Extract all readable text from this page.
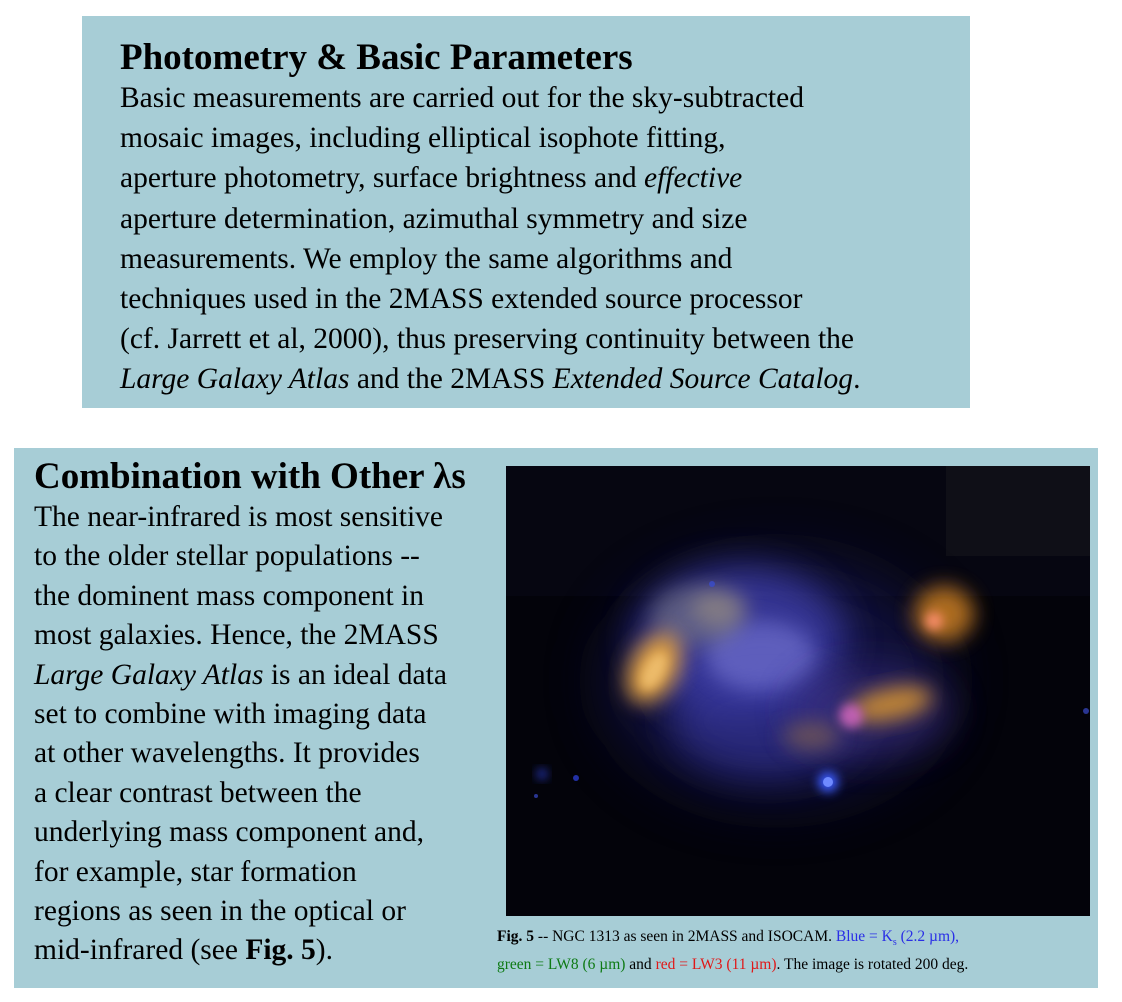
Photometry & Basic Parameters
Basic measurements are carried out for the sky-subtracted
mosaic images, including elliptical isophote fitting,
aperture photometry, surface brightness and effective
aperture determination, azimuthal symmetry and size
measurements. We employ the same algorithms and
techniques used in the 2MASS extended source processor
(cf. Jarrett et al, 2000), thus preserving continuity between the
Large Galaxy Atlas and the 2MASS Extended Source Catalog.
Combination with Other λs
The near-infrared is most sensitive
to the older stellar populations --
the dominent mass component in
most galaxies. Hence, the 2MASS
Large Galaxy Atlas is an ideal data
set to combine with imaging data
at other wavelengths. It provides
a clear contrast between the
underlying mass component and,
for example, star formation
regions as seen in the optical or
mid-infrared (see Fig. 5).	Fig. 5 -- NGC 1313 as seen in 2MASS and ISOCAM. Blue = $K_s$ (2.2 µm),
green = LW8 (6 µm) and red = LW3 (11 µm). The image is rotated 200 deg.
